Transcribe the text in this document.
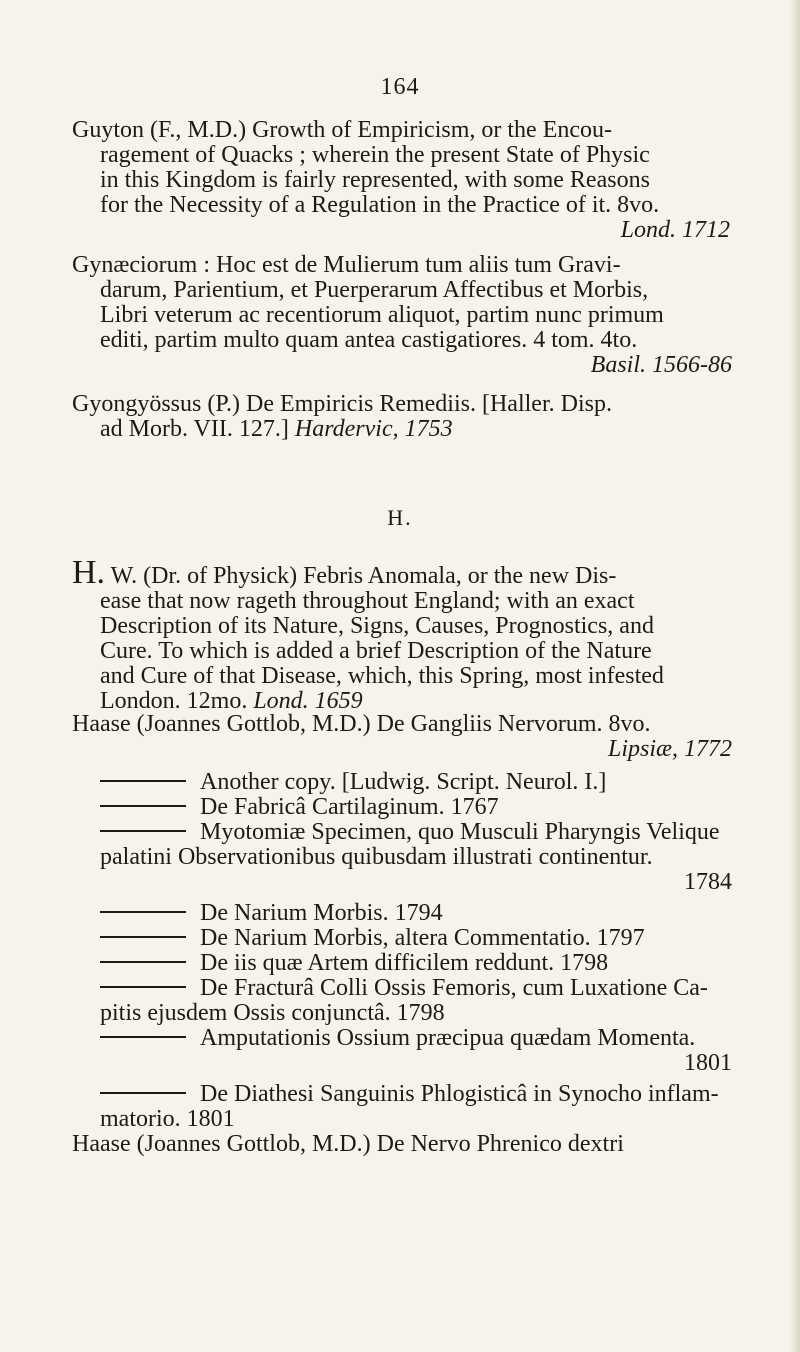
164
Guyton (F., M.D.) Growth of Empiricism, or the Encou-
ragement of Quacks ; wherein the present State of Physic
in this Kingdom is fairly represented, with some Reasons
for the Necessity of a Regulation in the Practice of it. 8vo.
Lond. 1712
Gynæciorum : Hoc est de Mulierum tum aliis tum Gravi-
darum, Parientium, et Puerperarum Affectibus et Morbis,
Libri veterum ac recentiorum aliquot, partim nunc primum
editi, partim multo quam antea castigatiores. 4 tom. 4to.
Basil. 1566-86
Gyongyössus (P.) De Empiricis Remediis. [Haller. Disp.
ad Morb. VII. 127.] Hardervic, 1753
H.
H. W. (Dr. of Physick) Febris Anomala, or the new Dis-
ease that now rageth throughout England; with an exact
Description of its Nature, Signs, Causes, Prognostics, and
Cure. To which is added a brief Description of the Nature
and Cure of that Disease, which, this Spring, most infested
London. 12mo. Lond. 1659
Haase (Joannes Gottlob, M.D.) De Gangliis Nervorum. 8vo.
Lipsiæ, 1772
Another copy. [Ludwig. Script. Neurol. I.]
De Fabricâ Cartilaginum. 1767
Myotomiæ Specimen, quo Musculi Pharyngis Velique
palatini Observationibus quibusdam illustrati continentur.
1784
De Narium Morbis. 1794
De Narium Morbis, altera Commentatio. 1797
De iis quæ Artem difficilem reddunt. 1798
De Fracturâ Colli Ossis Femoris, cum Luxatione Ca-
pitis ejusdem Ossis conjunctâ. 1798
Amputationis Ossium præcipua quædam Momenta.
1801
De Diathesi Sanguinis Phlogisticâ in Synocho inflam-
matorio. 1801
Haase (Joannes Gottlob, M.D.) De Nervo Phrenico dextri
